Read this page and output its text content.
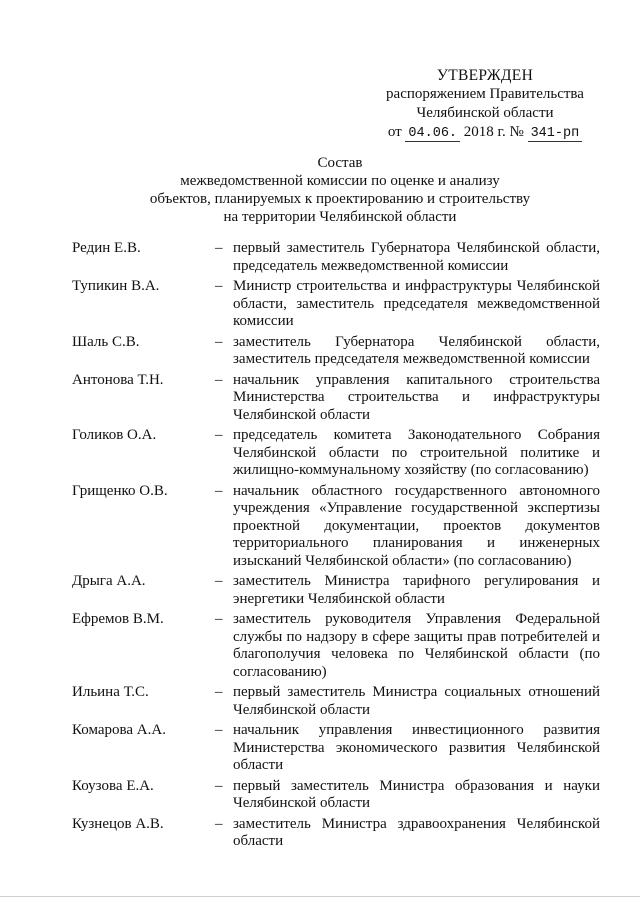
УТВЕРЖДЕН
распоряжением Правительства
Челябинской области
от 04.06. 2018 г. № 341-рп
Состав
межведомственной комиссии по оценке и анализу
объектов, планируемых к проектированию и строительству
на территории Челябинской области
Редин Е.В.	– первый заместитель Губернатора Челябинской области, председатель межведомственной комиссии
Тупикин В.А.	– Министр строительства и инфраструктуры Челябинской области, заместитель председателя межведомственной комиссии
Шаль С.В.	– заместитель Губернатора Челябинской области, заместитель председателя межведомственной комиссии
Антонова Т.Н.	– начальник управления капитального строительства Министерства строительства и инфраструктуры Челябинской области
Голиков О.А.	– председатель комитета Законодательного Собрания Челябинской области по строительной политике и жилищно-коммунальному хозяйству (по согласованию)
Грищенко О.В.	– начальник областного государственного автономного учреждения «Управление государственной экспертизы проектной документации, проектов документов территориального планирования и инженерных изысканий Челябинской области» (по согласованию)
Дрыга А.А.	– заместитель Министра тарифного регулирования и энергетики Челябинской области
Ефремов В.М.	– заместитель руководителя Управления Федеральной службы по надзору в сфере защиты прав потребителей и благополучия человека по Челябинской области (по согласованию)
Ильина Т.С.	– первый заместитель Министра социальных отношений Челябинской области
Комарова А.А.	– начальник управления инвестиционного развития Министерства экономического развития Челябинской области
Коузова Е.А.	– первый заместитель Министра образования и науки Челябинской области
Кузнецов А.В.	– заместитель Министра здравоохранения Челябинской области
